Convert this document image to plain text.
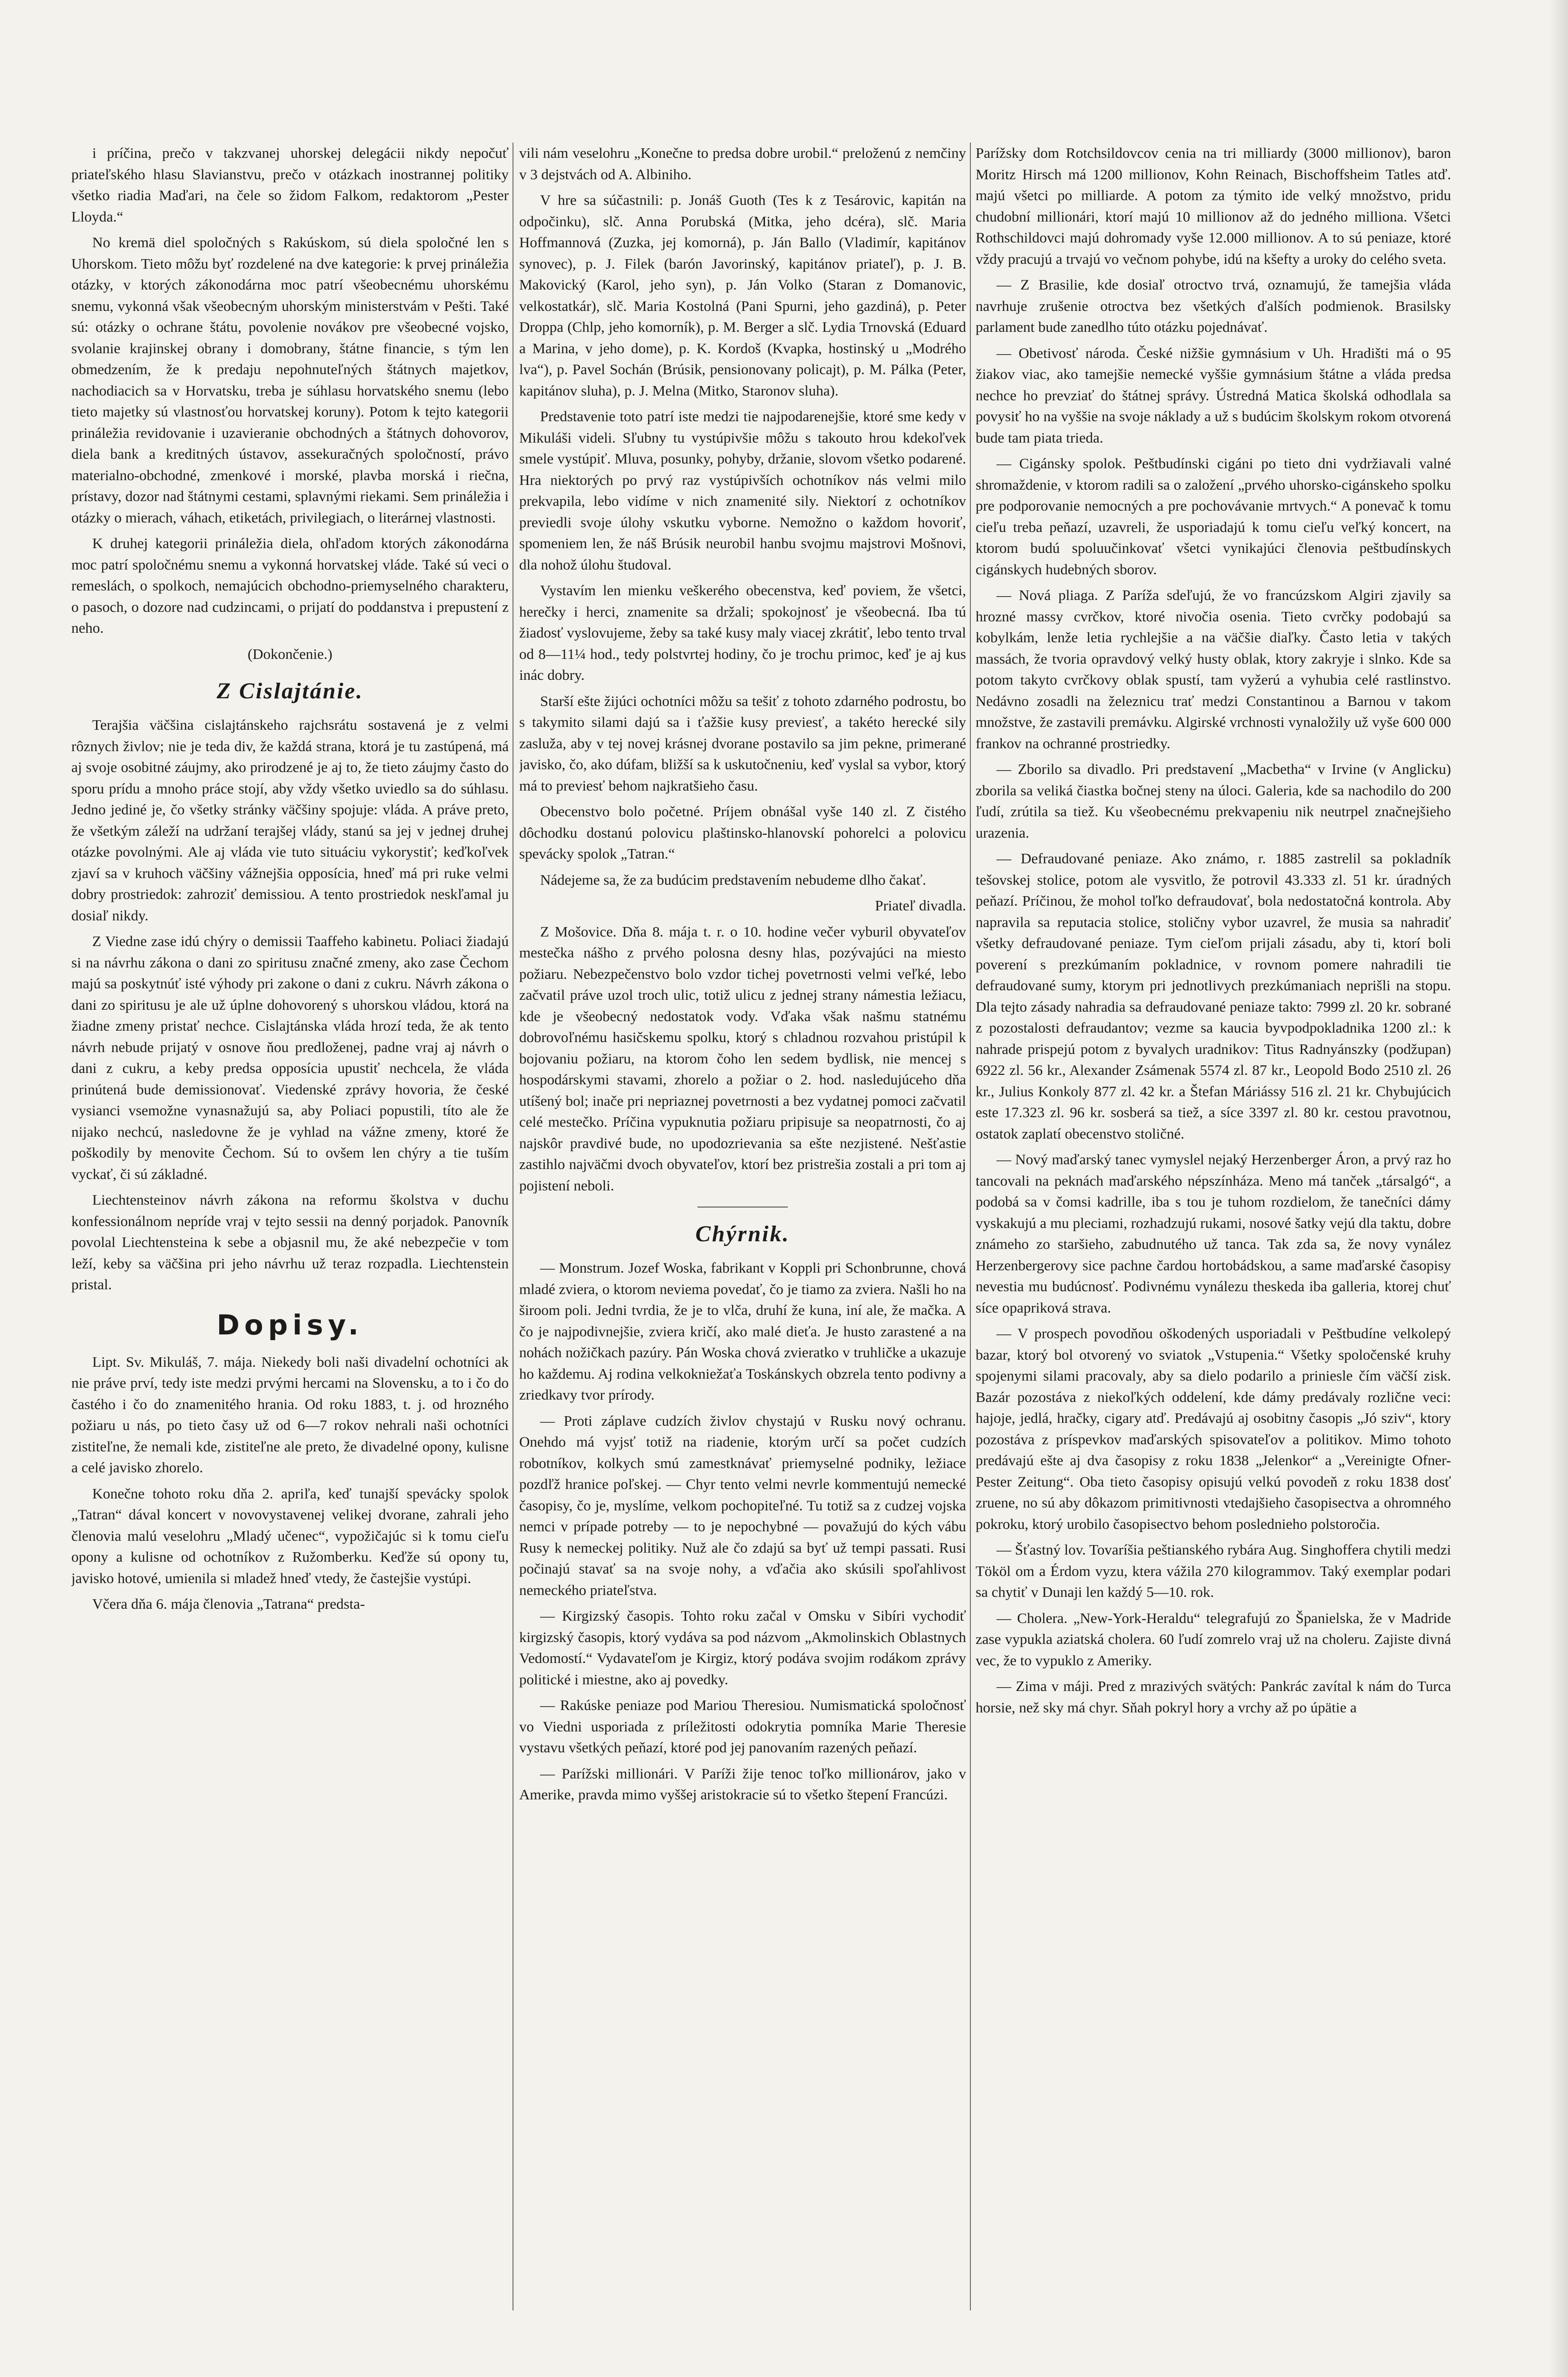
i príčina, prečo v takzvanej uhorskej delegácii nikdy nepočuť priateľského hlasu Slavianstvu, prečo v otázkach inostrannej politiky všetko riadia Maďari, na čele so židom Falkom, redaktorom „Pester Lloyda.“

No kremä diel spoločných s Rakúskom, sú diela spoločné len s Uhorskom. Tieto môžu byť rozdelené na dve kategorie: k prvej prináležia otázky, v ktorých zákonodárna moc patrí všeobecnému uhorskému snemu, vykonná však všeobecným uhorským ministerstvám v Pešti. Také sú: otázky o ochrane štátu, povolenie novákov pre všeobecné vojsko, svolanie krajinskej obrany i domobrany, štátne financie, s tým len obmedzením, že k predaju nepohnuteľných štátnych majetkov, nachodiacich sa v Horvatsku, treba je súhlasu horvatského snemu (lebo tieto majetky sú vlastnosťou horvatskej koruny). Potom k tejto kategorii prináležia revidovanie i uzavieranie obchodných a štátnych dohovorov, diela bank a kreditných ústavov, assekuračných spoločností, právo materialno-obchodné, zmenkové i morské, plavba morská i riečna, prístavy, dozor nad štátnymi cestami, splavnými riekami. Sem prináležia i otázky o mierach, váhach, etiketách, privilegiach, o literárnej vlastnosti.

K druhej kategorii prináležia diela, ohľadom ktorých zákonodárna moc patrí spoločnému snemu a vykonná horvatskej vláde. Také sú veci o remeslách, o spolkoch, nemajúcich obchodno-priemyselného charakteru, o pasoch, o dozore nad cudzincami, o prijatí do poddanstva i prepustení z neho.

(Dokončenie.)

Z Cislajtánie.

Terajšia väčšina cislajtánskeho rajchsrátu sostavená je z velmi rôznych živlov; nie je teda div, že každá strana, ktorá je tu zastúpená, má aj svoje osobitné záujmy, ako prirodzené je aj to, že tieto záujmy často do sporu prídu a mnoho práce stojí, aby vždy všetko uviedlo sa do súhlasu. Jedno jediné je, čo všetky stránky väčšiny spojuje: vláda. A práve preto, že všetkým záleží na udržaní terajšej vlády, stanú sa jej v jednej druhej otázke povolnými. Ale aj vláda vie tuto situáciu vykorystiť; keďkoľvek zjaví sa v kruhoch väčšiny vážnejšia opposícia, hneď má pri ruke velmi dobry prostriedok: zahroziť demissiou. A tento prostriedok neskľamal ju dosiaľ nikdy.

Z Viedne zase idú chýry o demissii Taaffeho kabinetu. Poliaci žiadajú si na návrhu zákona o dani zo spiritusu značné zmeny, ako zase Čechom majú sa poskytnúť isté výhody pri zakone o dani z cukru. Návrh zákona o dani zo spiritusu je ale už úplne dohovorený s uhorskou vládou, ktorá na žiadne zmeny pristať nechce. Cislajtánska vláda hrozí teda, že ak tento návrh nebude prijatý v osnove ňou predloženej, padne vraj aj návrh o dani z cukru, a keby predsa opposícia upustiť nechcela, že vláda prinútená bude demissionovať. Viedenské zprávy hovoria, že české vysianci vsemožne vynasnažujú sa, aby Poliaci popustili, títo ale že nijako nechcú, nasledovne že je vyhlad na vážne zmeny, ktoré že poškodily by menovite Čechom. Sú to ovšem len chýry a tie tuším vyckať, či sú základné.

Liechtensteinov návrh zákona na reformu školstva v duchu konfessionálnom nepríde vraj v tejto sessii na denný porjadok. Panovník povolal Liechtensteina k sebe a objasnil mu, že aké nebezpečie v tom leží, keby sa väčšina pri jeho návrhu už teraz rozpadla. Liechtenstein pristal.

Dopisy.

Lipt. Sv. Mikuláš, 7. mája. Niekedy boli naši divadelní ochotníci ak nie práve prví, tedy iste medzi prvými hercami na Slovensku, a to i čo do častého i čo do znamenitého hrania. Od roku 1883, t. j. od hrozného požiaru u nás, po tieto časy už od 6—7 rokov nehrali naši ochotníci zistiteľne, že nemali kde, zistiteľne ale preto, že divadelné opony, kulisne a celé javisko zhorelo.

Konečne tohoto roku dňa 2. apriľa, keď tunajší spevácky spolok „Tatran“ dával koncert v novovystavenej velikej dvorane, zahrali jeho členovia malú veselohru „Mladý učenec“, vypožičajúc si k tomu cieľu opony a kulisne od ochotníkov z Ružomberku. Keďže sú opony tu, javisko hotové, umienila si mladež hneď vtedy, že častejšie vystúpi.

Včera dňa 6. mája členovia „Tatrana“ predsta-

vili nám veselohru „Konečne to predsa dobre urobil.“ preloženú z nemčiny v 3 dejstvách od A. Albiniho.

V hre sa súčastnili: p. Jonáš Guoth (Tes k z Tesárovic, kapitán na odpočinku), slč. Anna Porubská (Mitka, jeho dcéra), slč. Maria Hoffmannová (Zuzka, jej komorná), p. Ján Ballo (Vladimír, kapitánov synovec), p. J. Filek (barón Javorinský, kapitánov priateľ), p. J. B. Makovický (Karol, jeho syn), p. Ján Volko (Staran z Domanovic, velkostatkár), slč. Maria Kostolná (Pani Spurni, jeho gazdiná), p. Peter Droppa (Chlp, jeho komorník), p. M. Berger a slč. Lydia Trnovská (Eduard a Marina, v jeho dome), p. K. Kordoš (Kvapka, hostinský u „Modrého lva“), p. Pavel Sochán (Brúsik, pensionovany policajt), p. M. Pálka (Peter, kapitánov sluha), p. J. Melna (Mitko, Staronov sluha).

Predstavenie toto patrí iste medzi tie najpodarenejšie, ktoré sme kedy v Mikuláši videli. Sľubny tu vystúpivšie môžu s takouto hrou kdekoľvek smele vystúpiť. Mluva, posunky, pohyby, držanie, slovom všetko podarené. Hra niektorých po prvý raz vystúpivších ochotníkov nás velmi milo prekvapila, lebo vidíme v nich znamenité sily. Niektorí z ochotníkov previedli svoje úlohy vskutku vyborne. Nemožno o každom hovoriť, spomeniem len, že náš Brúsik neurobil hanbu svojmu majstrovi Mošnovi, dla nohož úlohu študoval.

Vystavím len mienku veškerého obecenstva, keď poviem, že všetci, herečky i herci, znamenite sa držali; spokojnosť je všeobecná. Iba tú žiadosť vyslovujeme, žeby sa také kusy maly viacej zkrátiť, lebo tento trval od 8—11¼ hod., tedy polstvrtej hodiny, čo je trochu primoc, keď je aj kus inác dobry.

Starší ešte žijúci ochotníci môžu sa tešiť z tohoto zdarného podrostu, bo s takymito silami dajú sa i ťažšie kusy previesť, a takéto herecké sily zasluža, aby v tej novej krásnej dvorane postavilo sa jim pekne, primerané javisko, čo, ako dúfam, bližší sa k uskutočneniu, keď vyslal sa vybor, ktorý má to previesť behom najkratšieho času.

Obecenstvo bolo početné. Príjem obnášal vyše 140 zl. Z čistého dôchodku dostanú polovicu plaštinsko-hlanovskí pohorelci a polovicu spevácky spolok „Tatran.“

Nádejeme sa, že za budúcim predstavením nebudeme dlho čakať.

Priateľ divadla.

Z Mošovice. Dňa 8. mája t. r. o 10. hodine večer vyburil obyvateľov mestečka nášho z prvého polosna desny hlas, pozývajúci na miesto požiaru. Nebezpečenstvo bolo vzdor tichej povetrnosti velmi veľké, lebo začvatil práve uzol troch ulic, totiž ulicu z jednej strany námestia ležiacu, kde je všeobecný nedostatok vody. Vďaka však našmu statnému dobrovoľnému hasičskemu spolku, ktorý s chladnou rozvahou pristúpil k bojovaniu požiaru, na ktorom čoho len sedem bydlisk, nie mencej s hospodárskymi stavami, zhorelo a požiar o 2. hod. nasledujúceho dňa utíšený bol; inače pri nepriaznej povetrnosti a bez vydatnej pomoci začvatil celé mestečko. Príčina vypuknutia požiaru pripisuje sa neopatrnosti, čo aj najskôr pravdivé bude, no upodozrievania sa ešte nezjistené. Nešťastie zastihlo najväčmi dvoch obyvateľov, ktorí bez pristrešia zostali a pri tom aj pojistení neboli.

Chýrnik.

— Monstrum. Jozef Woska, fabrikant v Koppli pri Schonbrunne, chová mladé zviera, o ktorom neviema povedať, čo je tiamo za zviera. Našli ho na široom poli. Jedni tvrdia, že je to vlča, druhí že kuna, iní ale, že mačka. A čo je najpodivnejšie, zviera kričí, ako malé dieťa. Je husto zarastené a na nohách nožičkach pazúry. Pán Woska chová zvieratko v truhličke a ukazuje ho každemu. Aj rodina velkokniežaťa Toskánskych obzrela tento podivny a zriedkavy tvor prírody.

— Proti záplave cudzích živlov chystajú v Rusku nový ochranu. Onehdo má vyjsť totiž na riadenie, ktorým určí sa počet cudzích robotníkov, kolkych smú zamestknávať priemyselné podniky, ležiace pozdľž hranice poľskej. — Chyr tento velmi nevrle kommentujú nemecké časopisy, čo je, myslíme, velkom pochopiteľné. Tu totiž sa z cudzej vojska nemci v prípade potreby — to je nepochybné — považujú do kých vábu Rusy k nemeckej politiky. Nuž ale čo zdajú sa byť už tempi passati. Rusi počinajú stavať sa na svoje nohy, a vďačia ako skúsili spoľahlivost nemeckého priateľstva.

— Kirgizský časopis. Tohto roku začal v Omsku v Sibíri vychodiť kirgizský časopis, ktorý vydáva sa pod názvom „Akmolinskich Oblastnych Vedomostí.“ Vydavateľom je Kirgiz, ktorý podáva svojim rodákom zprávy politické i miestne, ako aj povedky.

— Rakúske peniaze pod Mariou Theresiou. Numismatická spoločnosť vo Viedni usporiada z príležitosti odokrytia pomníka Marie Theresie vystavu všetkých peňazí, ktoré pod jej panovaním razených peňazí.

— Parížski millionári. V Paríži žije tenoc toľko millionárov, jako v Amerike, pravda mimo vyššej aristokracie sú to všetko štepení Francúzi.

Parížsky dom Rotchsildovcov cenia na tri milliardy (3000 millionov), baron Moritz Hirsch má 1200 millionov, Kohn Reinach, Bischoffsheim Tatles atď. majú všetci po milliarde. A potom za týmito ide velký množstvo, pridu chudobní millionári, ktorí majú 10 millionov až do jedného milliona. Všetci Rothschildovci majú dohromady vyše 12.000 millionov. A to sú peniaze, ktoré vždy pracujú a trvajú vo večnom pohybe, idú na kšefty a uroky do celého sveta.

— Z Brasilie, kde dosiaľ otroctvo trvá, oznamujú, že tamejšia vláda navrhuje zrušenie otroctva bez všetkých ďalších podmienok. Brasilsky parlament bude zanedlho túto otázku pojednávať.

— Obetivosť národa. České nižšie gymnásium v Uh. Hradišti má o 95 žiakov viac, ako tamejšie nemecké vyššie gymnásium štátne a vláda predsa nechce ho prevziať do štátnej správy. Ústredná Matica školská odhodlala sa povysiť ho na vyššie na svoje náklady a už s budúcim školskym rokom otvorená bude tam piata trieda.

— Cigánsky spolok. Peštbudínski cigáni po tieto dni vydržiavali valné shromaždenie, v ktorom radili sa o založení „prvého uhorsko-cigánskeho spolku pre podporovanie nemocných a pre pochovávanie mrtvych.“ A ponevač k tomu cieľu treba peňazí, uzavreli, že usporiadajú k tomu cieľu veľký koncert, na ktorom budú spoluučinkovať všetci vynikajúci členovia peštbudínskych cigánskych hudebných sborov.

— Nová pliaga. Z Paríža sdeľujú, že vo francúzskom Algiri zjavily sa hrozné massy cvrčkov, ktoré nivočia osenia. Tieto cvrčky podobajú sa kobylkám, lenže letia rychlejšie a na väčšie diaľky. Často letia v takých massách, že tvoria opravdový velký husty oblak, ktory zakryje i slnko. Kde sa potom takyto cvrčkovy oblak spustí, tam vyžerú a vyhubia celé rastlinstvo. Nedávno zosadli na železnicu trať medzi Constantinou a Barnou v takom množstve, že zastavili premávku. Algirské vrchnosti vynaložily už vyše 600 000 frankov na ochranné prostriedky.

— Zborilo sa divadlo. Pri predstavení „Macbetha“ v Irvine (v Anglicku) zborila sa veliká čiastka bočnej steny na úloci. Galeria, kde sa nachodilo do 200 ľudí, zrútila sa tiež. Ku všeobecnému prekvapeniu nik neutrpel značnejšieho urazenia.

— Defraudované peniaze. Ako známo, r. 1885 zastrelil sa pokladník tešovskej stolice, potom ale vysvitlo, že potrovil 43.333 zl. 51 kr. úradných peňazí. Príčinou, že mohol toľko defraudovať, bola nedostatočná kontrola. Aby napravila sa reputacia stolice, stoličny vybor uzavrel, že musia sa nahradiť všetky defraudované peniaze. Tym cieľom prijali zásadu, aby ti, ktorí boli poverení s prezkúmaním pokladnice, v rovnom pomere nahradili tie defraudované sumy, ktorym pri jednotlivych prezkúmaniach neprišli na stopu. Dla tejto zásady nahradia sa defraudované peniaze takto: 7999 zl. 20 kr. sobrané z pozostalosti defraudantov; vezme sa kaucia byvpodpokladnika 1200 zl.: k nahrade prispejú potom z byvalych uradnikov: Titus Radnyánszky (podžupan) 6922 zl. 56 kr., Alexander Zsámenak 5574 zl. 87 kr., Leopold Bodo 2510 zl. 26 kr., Julius Konkoly 877 zl. 42 kr. a Štefan Máriássy 516 zl. 21 kr. Chybujúcich este 17.323 zl. 96 kr. sosberá sa tiež, a síce 3397 zl. 80 kr. cestou pravotnou, ostatok zaplatí obecenstvo stoličné.

— Nový maďarský tanec vymyslel nejaký Herzenberger Áron, a prvý raz ho tancovali na peknách maďarského népszínháza. Meno má tanček „társalgó“, a podobá sa v čomsi kadrille, iba s tou je tuhom rozdielom, že tanečníci dámy vyskakujú a mu pleciami, rozhadzujú rukami, nosové šatky vejú dla taktu, dobre známeho zo staršieho, zabudnutého už tanca. Tak zda sa, že novy vynález Herzenbergerovy sice pachne čardou hortobádskou, a same maďarské časopisy nevestia mu budúcnosť. Podivnému vynálezu theskeda iba galleria, ktorej chuť síce opapriková strava.

— V prospech povodňou oškodených usporiadali v Peštbudíne velkolepý bazar, ktorý bol otvorený vo sviatok „Vstupenia.“ Všetky spoločenské kruhy spojenymi silami pracovaly, aby sa dielo podarilo a priniesle čím väčší zisk. Bazár pozostáva z niekoľkých oddelení, kde dámy predávaly rozlične veci: hajoje, jedlá, hračky, cigary atď. Predávajú aj osobitny časopis „Jó sziv“, ktory pozostáva z príspevkov maďarských spisovateľov a politikov. Mimo tohoto predávajú ešte aj dva časopisy z roku 1838 „Jelenkor“ a „Vereinigte Ofner-Pester Zeitung“. Oba tieto časopisy opisujú velkú povodeň z roku 1838 dosť zruene, no sú aby dôkazom primitivnosti vtedajšieho časopisectva a ohromného pokroku, ktorý urobilo časopisectvo behom poslednieho polstoročia.

— Šťastný lov. Tovaríšia peštianského rybára Aug. Singhoffera chytili medzi Tököl om a Érdom vyzu, ktera vážila 270 kilogrammov. Taký exemplar podari sa chytiť v Dunaji len každý 5—10. rok.

— Cholera. „New-York-Heraldu“ telegrafujú zo Španielska, že v Madride zase vypukla aziatská cholera. 60 ľudí zomrelo vraj už na choleru. Zajiste divná vec, že to vypuklo z Ameriky.

— Zima v máji. Pred z mrazivých svätých: Pankrác zavítal k nám do Turca horsie, než sky má chyr. Sňah pokryl hory a vrchy až po úpätie a
